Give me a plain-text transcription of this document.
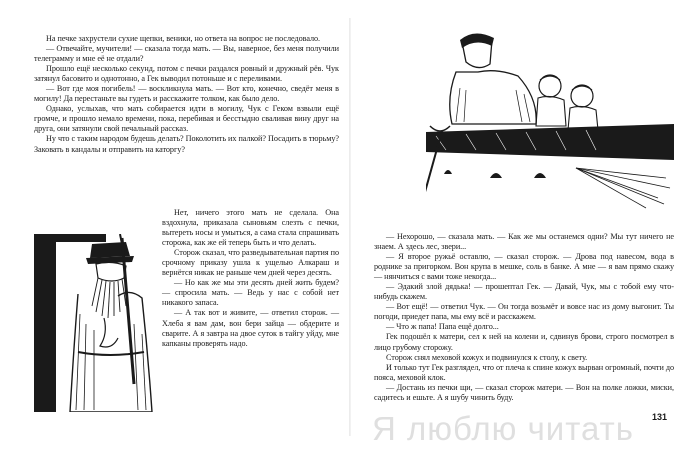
На печке захрустели сухие щепки, веники, но ответа на вопрос не последовало.

— Отвечайте, мучители! — сказала тогда мать. — Вы, наверное, без меня получили телеграмму и мне её не отдали?

Прошло ещё несколько секунд, потом с печки раздался ровный и дружный рёв. Чук затянул басовито и однотонно, а Гек выводил потоньше и с переливами.

— Вот где моя погибель! — воскликнула мать. — Вот кто, конечно, сведёт меня в могилу! Да перестаньте вы гудеть и расскажите толком, как было дело.

Однако, услыхав, что мать собирается идти в могилу, Чук с Геком взвыли ещё громче, и прошло немало времени, пока, перебивая и бесстыдно сваливая вину друг на друга, они затянули свой печальный рассказ.

Ну что с таким народом будешь делать? Поколотить их палкой? Посадить в тюрьму? Заковать в кандалы и отправить на каторгу?

Нет, ничего этого мать не сделала. Она вздохнула, приказала сыновьям слезть с печки, вытереть носы и умыться, а сама стала спрашивать сторожа, как же ей теперь быть и что делать.

Сторож сказал, что разведывательная партия по срочному приказу ушла к ущелью Алкараш и вернётся никак не раньше чем дней через десять.

— Но как же мы эти десять дней жить будем? — спросила мать. — Ведь у нас с собой нет никакого запаса.

— А так вот и живите, — ответил сторож. — Хлеба я вам дам, вон бери зайца — обдерите и сварите. А я завтра на двое суток в тайгу уйду, мне капканы проверять надо.

— Нехорошо, — сказала мать. — Как же мы останемся одни? Мы тут ничего не знаем. А здесь лес, звери...

— Я второе ружьё оставлю, — сказал сторож. — Дрова под навесом, вода в роднике за пригорком. Вон крупа в мешке, соль в банке. А мне — я вам прямо скажу — нянчиться с вами тоже некогда...

— Эдакий злой дядька! — прошептал Гек. — Давай, Чук, мы с тобой ему что-нибудь скажем.

— Вот ещё! — ответил Чук. — Он тогда возьмёт и вовсе нас из дому выгонит. Ты погоди, приедет папа, мы ему всё и расскажем.

— Что ж папа! Папа ещё долго...

Гек подошёл к матери, сел к ней на колени и, сдвинув брови, строго посмотрел в лицо грубому сторожу.

Сторож снял меховой кожух и подвинулся к столу, к свету.

И только тут Гек разглядел, что от плеча к спине кожух вырван огромный, почти до пояса, меховой клок.

— Достань из печки щи, — сказал сторож матери. — Вон на полке ложки, миски, садитесь и ешьте. А я шубу чинить буду.

131
Я люблю читать
